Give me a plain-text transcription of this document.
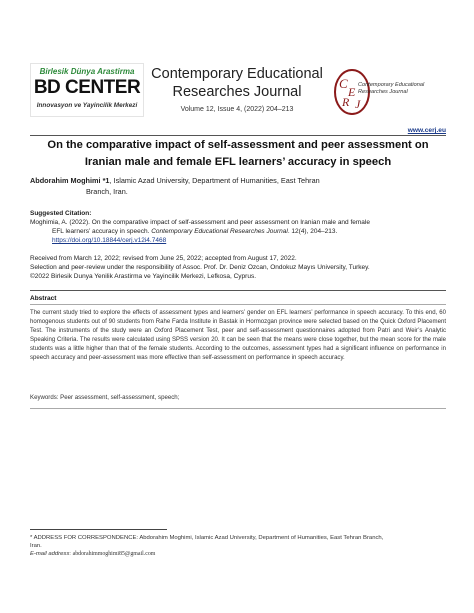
Birlesik Dünya Arastirma
BD CENTER
Innovasyon ve Yayincilik Merkezi
Contemporary Educational Researches Journal
Volume 12, Issue 4, (2022) 204–213
C
E
R J
Contemporary Educational
Researches Journal
www.cerj.eu
On the comparative impact of self-assessment and peer assessment on Iranian male and female EFL learners’ accuracy in speech
Abdorahim Moghimi *1, Islamic Azad University, Department of Humanities, East Tehran
Branch, Iran.
Suggested Citation:
Moghimia, A. (2022). On the comparative impact of self-assessment and peer assessment on Iranian male and female
EFL learners’ accuracy in speech. Contemporary Educational Researches Journal. 12(4), 204–213.
https://doi.org/10.18844/cerj.v12i4.7468
Received from March 12, 2022; revised from June 25, 2022; accepted from August 17, 2022.
Selection and peer-review under the responsibility of Assoc. Prof. Dr. Deniz Ozcan, Ondokuz Mayıs University, Turkey.
©2022 Birlesik Dunya Yenilik Arastirma ve Yayincilik Merkezi, Lefkosa, Cyprus.
Abstract
The current study tried to explore the effects of assessment types and learners’ gender on EFL learners’ performance in speech accuracy. To this end, 60 homogenous students out of 90 students from Rahe Farda Institute in Bastak in Hormozgan province were selected based on the Quick Oxford Placement Test. The instruments of the study were an Oxford Placement Test, peer and self-assessment questionnaires adopted from Patri and Weir’s Analytic Speaking Criteria. The results were calculated using SPSS version 20. It can be seen that the means were close together, but the mean score for the male students was a little higher than that of the female students. According to the outcomes, assessment types had a significant influence on performance in speech accuracy and peer-assessment was more effective than self-assessment on performance in speech accuracy.
Keywords: Peer assessment, self-assessment, speech;
* ADDRESS FOR CORRESPONDENCE: Abdorahim Moghimi, Islamic Azad University, Department of Humanities, East Tehran Branch,
Iran.
E-mail address: abdorahimmoghimi85@gmail.com
